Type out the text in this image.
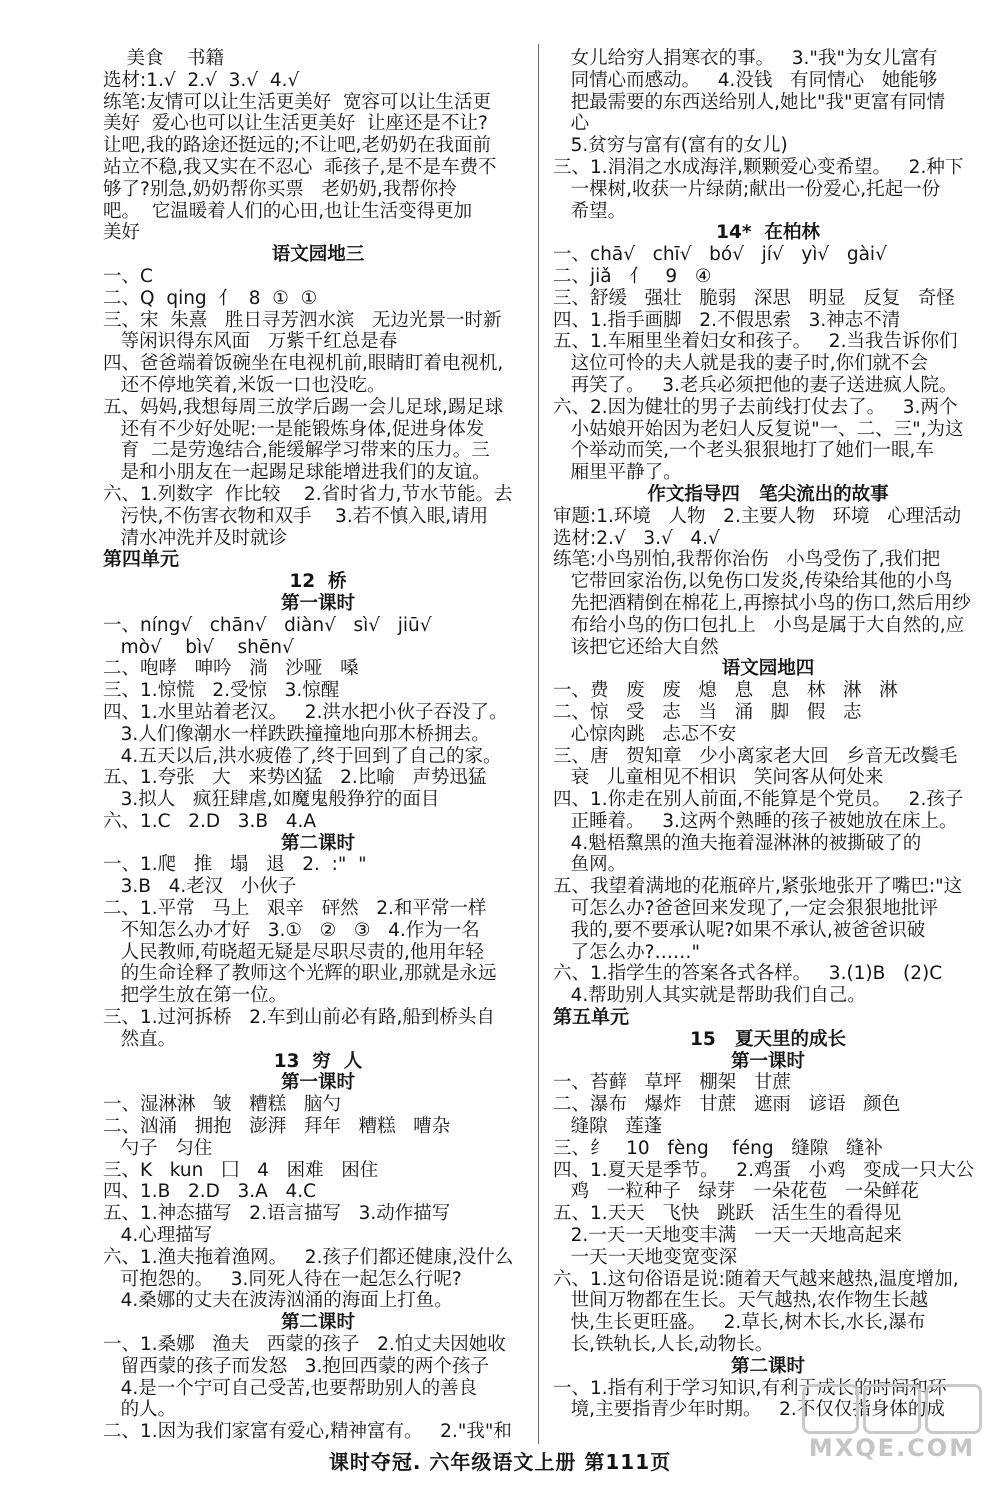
美食    书籍
选材:1.√  2.√  3.√  4.√
练笔:友情可以让生活更美好  宽容可以让生活更
美好  爱心也可以让生活更美好  让座还是不让?
让吧,我的路途还挺远的;不让吧,老奶奶在我面前
站立不稳,我又实在不忍心  乖孩子,是不是车费不
够了?别急,奶奶帮你买票   老奶奶,我帮你拎
吧。  它温暖着人们的心田,也让生活变得更加
美好
语文园地三
一、C
二、Q  qing  亻  8  ①  ①
三、宋  朱熹   胜日寻芳泗水滨   无边光景一时新
等闲识得东风面   万紫千红总是春
四、爸爸端着饭碗坐在电视机前,眼睛盯着电视机,
还不停地笑着,米饭一口也没吃。
五、妈妈,我想每周三放学后踢一会儿足球,踢足球
还有不少好处呢:一是能锻炼身体,促进身体发
育  二是劳逸结合,能缓解学习带来的压力。三
是和小朋友在一起踢足球能增进我们的友谊。
六、1.列数字  作比较    2.省时省力,节水节能。去
污快,不伤害衣物和双手    3.若不慎入眼,请用
清水冲洗并及时就诊
第四单元
12  桥
第一课时
一、níng√   chān√   diàn√   sì√   jiū√
mò√    bì√    shēn√
二、咆哮   呻吟   淌   沙哑   嗓
三、1.惊慌   2.受惊   3.惊醒
四、1.水里站着老汉。   2.洪水把小伙子吞没了。
3.人们像潮水一样跌跌撞撞地向那木桥拥去。
4.五天以后,洪水疲倦了,终于回到了自己的家。
五、1.夸张   大   来势凶猛   2.比喻   声势迅猛
3.拟人   疯狂肆虐,如魔鬼般狰狞的面目
六、1.C   2.D   3.B   4.A
第二课时
一、1.爬   推   塌   退   2.  :"  "
3.B   4.老汉   小伙子
二、1.平常   马上   艰辛   砰然   2.和平常一样
不知怎么办才好   3.①   ②   ③   4.作为一名
人民教师,苟晓超无疑是尽职尽责的,他用年轻
的生命诠释了教师这个光辉的职业,那就是永远
把学生放在第一位。
三、1.过河拆桥   2.车到山前必有路,船到桥头自
然直。
13  穷  人
第一课时
一、湿淋淋   皱   糟糕   脑勺
二、汹涌   拥抱   澎湃   拜年   糟糕   嘈杂
勺子   匀住
三、K   kun   囗   4   困难   困住
四、1.B   2.D   3.A   4.C
五、1.神态描写   2.语言描写   3.动作描写
4.心理描写
六、1.渔夫拖着渔网。   2.孩子们都还健康,没什么
可抱怨的。   3.同死人待在一起怎么行呢?
4.桑娜的丈夫在波涛汹涌的海面上打鱼。
第二课时
一、1.桑娜   渔夫   西蒙的孩子   2.怕丈夫因她收
留西蒙的孩子而发怒   3.抱回西蒙的两个孩子
4.是一个宁可自己受苦,也要帮助别人的善良
的人。
二、1.因为我们家富有爱心,精神富有。   2."我"和
女儿给穷人捐寒衣的事。   3."我"为女儿富有
同情心而感动。   4.没钱   有同情心   她能够
把最需要的东西送给别人,她比"我"更富有同情
心
5.贫穷与富有(富有的女儿)
三、1.涓涓之水成海洋,颗颗爱心变希望。   2.种下
一棵树,收获一片绿荫;献出一份爱心,托起一份
希望。
14*  在柏林
一、chā√   chī√   bó√   jí√   yì√   gài√
二、jiǎ   亻   9   ④
三、舒缓   强壮   脆弱   深思   明显   反复   奇怪
四、1.指手画脚   2.不假思索   3.神志不清
五、1.车厢里坐着妇女和孩子。   2.当我告诉你们
这位可怜的夫人就是我的妻子时,你们就不会
再笑了。   3.老兵必须把他的妻子送进疯人院。
六、2.因为健壮的男子去前线打仗去了。   3.两个
小姑娘开始因为老妇人反复说"一、二、三",为这
个举动而笑,一个老头狠狠地打了她们一眼,车
厢里平静了。
作文指导四   笔尖流出的故事
审题:1.环境   人物   2.主要人物   环境   心理活动
选材:2.√   3.√   4.√
练笔:小鸟别怕,我帮你治伤   小鸟受伤了,我们把
它带回家治伤,以免伤口发炎,传染给其他的小鸟
先把酒精倒在棉花上,再擦拭小鸟的伤口,然后用纱
布给小鸟的伤口包扎上   小鸟是属于大自然的,应
该把它还给大自然
语文园地四
一、费   废   废   熄   息   息   林   淋   淋
二、惊   受   志   当   涌   脚   假   志
心惊肉跳   忐忑不安
三、唐   贺知章   少小离家老大回   乡音无改鬓毛
衰   儿童相见不相识   笑问客从何处来
四、1.你走在别人前面,不能算是个党员。   2.孩子
正睡着。   3.这两个熟睡的孩子被她放在床上。
4.魁梧黧黑的渔夫拖着湿淋淋的被撕破了的
鱼网。
五、我望着满地的花瓶碎片,紧张地张开了嘴巴:"这
可怎么办?爸爸回来发现了,一定会狠狠地批评
我的,要不要承认呢?如果不承认,被爸爸识破
了怎么办?……"
六、1.指学生的答案各式各样。   3.(1)B   (2)C
4.帮助别人其实就是帮助我们自己。
第五单元
15   夏天里的成长
第一课时
一、苔藓   草坪   棚架   甘蔗
二、瀑布   爆炸   甘蔗   遮雨   谚语   颜色
缝隙   莲蓬
三、纟   10   fèng    féng   缝隙   缝补
四、1.夏天是季节。   2.鸡蛋   小鸡   变成一只大公
鸡   一粒种子   绿芽   一朵花苞   一朵鲜花
五、1.天天   飞快   跳跃   活生生的看得见
2.一天一天地变丰满   一天一天地高起来
一天一天地变宽变深
六、1.这句俗语是说:随着天气越来越热,温度增加,
世间万物都在生长。天气越热,农作物生长越
快,生长更旺盛。   2.草长,树木长,水长,瀑布
长,铁轨长,人长,动物长。
第二课时
一、1.指有利于学习知识,有利于成长的时间和环
境,主要指青少年时期。   2.不仅仅指身体的成
课时夺冠. 六年级语文上册 第111页	MXQE.COM
